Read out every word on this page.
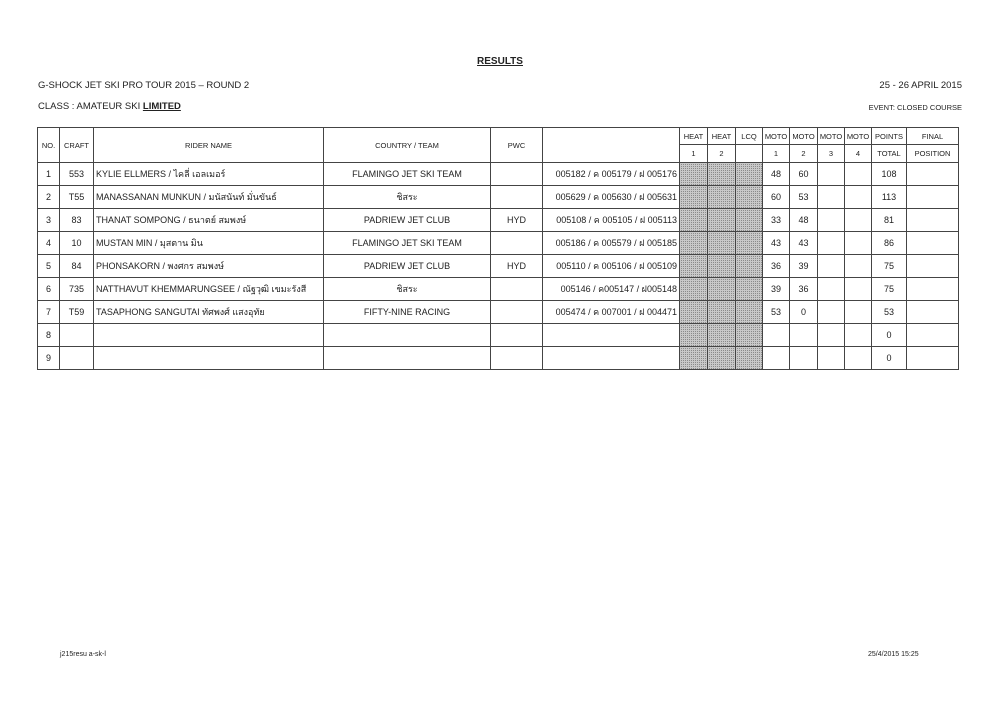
RESULTS
G-SHOCK JET SKI PRO TOUR 2015 – ROUND 2	25 - 26 APRIL 2015
CLASS : AMATEUR SKI LIMITED	EVENT: CLOSED COURSE
NO.	CRAFT	RIDER NAME	COUNTRY / TEAM	PWC		HEAT	HEAT	LCQ	MOTO	MOTO	MOTO	MOTO	POINTS	FINAL
						1	2		1	2	3	4	TOTAL	POSITION
1	553	KYLIE ELLMERS / ไคลี่ เอลเมอร์	FLAMINGO JET SKI TEAM		005182 / ค 005179 / ฝ 005176				48	60			108	
2	T55	MANASSANAN MUNKUN / มนัสนันท์ มั่นขันธ์	ชิสระ		005629 / ค 005630 / ฝ 005631				60	53			113	
3	83	THANAT SOMPONG / ธนาตย์ สมพงษ์	PADRIEW JET CLUB	HYD	005108 / ค 005105 / ฝ 005113				33	48			81	
4	10	MUSTAN MIN / มุสตาน มิน	FLAMINGO JET SKI TEAM		005186 / ค 005579 / ฝ 005185				43	43			86	
5	84	PHONSAKORN / พงศกร สมพงษ์	PADRIEW JET CLUB	HYD	005110 / ค 005106 / ฝ 005109				36	39			75	
6	735	NATTHAVUT KHEMMARUNGSEE / ณัฐวุฒิ เขมะรังสี	ชิสระ		005146 / ค005147 / ฝ005148				39	36			75	
7	T59	TASAPHONG SANGUTAI ทัศพงศ์ แสงอุทัย	FIFTY-NINE RACING		005474 / ค 007001 / ฝ 004471				53	0			53	
8													0	
9													0	
j215resu a-sk-l	25/4/2015 15:25
